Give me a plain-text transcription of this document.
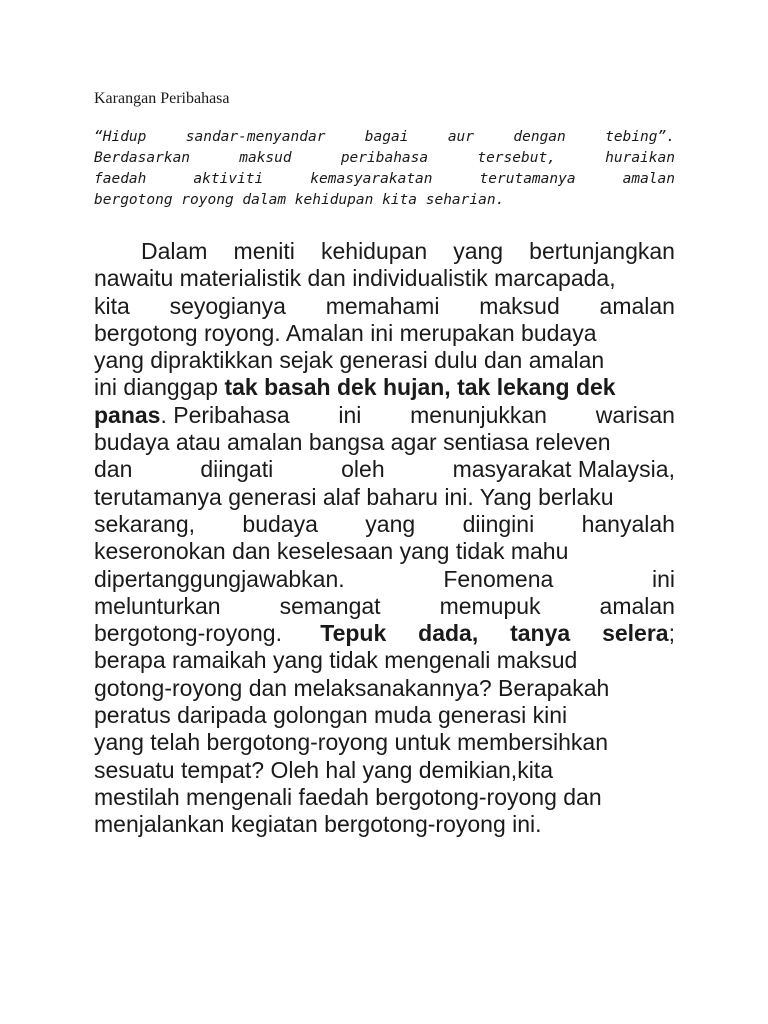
Karangan Peribahasa
“Hidup	sandar-menyandar	bagai	aur	dengan	tebing”.
Berdasarkan	maksud	peribahasa	tersebut,	huraikan
faedah	aktiviti	kemasyarakatan	terutamanya	amalan
bergotong royong dalam kehidupan kita seharian.
Dalam meniti kehidupan yang bertunjangkan
nawaitu materialistik dan individualistik marcapada,
kita seyogianya memahami maksud amalan
bergotong royong. Amalan ini merupakan budaya
yang dipraktikkan sejak generasi dulu dan amalan
ini dianggap tak basah dek hujan, tak lekang dek
panas. Peribahasa ini menunjukkan warisan
budaya atau amalan bangsa agar sentiasa releven
dan	diingati	oleh	masyarakat Malaysia,
terutamanya generasi alaf baharu ini. Yang berlaku
sekarang, budaya yang diingini hanyalah
keseronokan dan keselesaan yang tidak mahu
dipertanggungjawabkan.	Fenomena	ini
melunturkan	semangat	memupuk	amalan
bergotong-royong. Tepuk dada, tanya selera;
berapa ramaikah yang tidak mengenali maksud
gotong-royong dan melaksanakannya? Berapakah
peratus daripada golongan muda generasi kini
yang telah bergotong-royong untuk membersihkan
sesuatu tempat? Oleh hal yang demikian,kita
mestilah mengenali faedah bergotong-royong dan
menjalankan kegiatan bergotong-royong ini.
